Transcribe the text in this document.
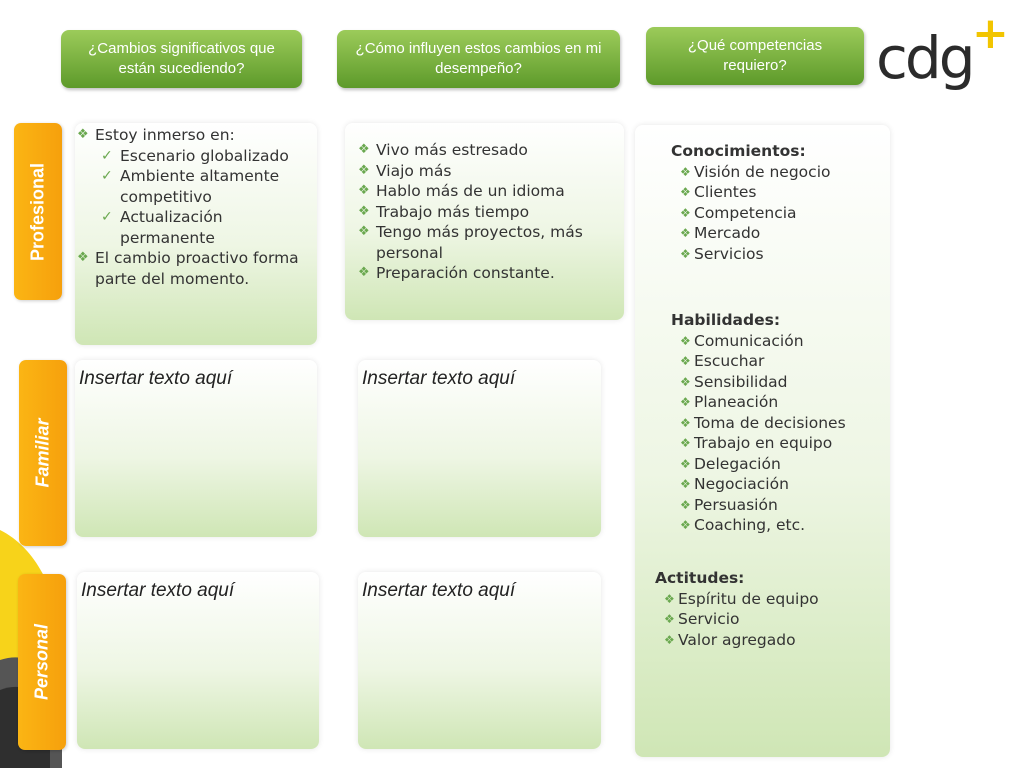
cdg +
¿Cambios significativos que están sucediendo?
¿Cómo influyen estos cambios en mi desempeño?
¿Qué competencias requiero?
Profesional
Familiar
Personal
❖ Estoy inmerso en:
✓ Escenario globalizado
✓ Ambiente altamente competitivo
✓ Actualización permanente
❖ El cambio proactivo forma parte del momento.
❖ Vivo más estresado
❖ Viajo más
❖ Hablo más de un idioma
❖ Trabajo más tiempo
❖ Tengo más proyectos, más personal
❖ Preparación constante.
Insertar texto aquí	Insertar texto aquí
Insertar texto aquí	Insertar texto aquí
Conocimientos:
❖ Visión de negocio
❖ Clientes
❖ Competencia
❖ Mercado
❖ Servicios
Habilidades:
❖ Comunicación
❖ Escuchar
❖ Sensibilidad
❖ Planeación
❖ Toma de decisiones
❖ Trabajo en equipo
❖ Delegación
❖ Negociación
❖ Persuasión
❖ Coaching, etc.
Actitudes:
❖ Espíritu de equipo
❖ Servicio
❖ Valor agregado
